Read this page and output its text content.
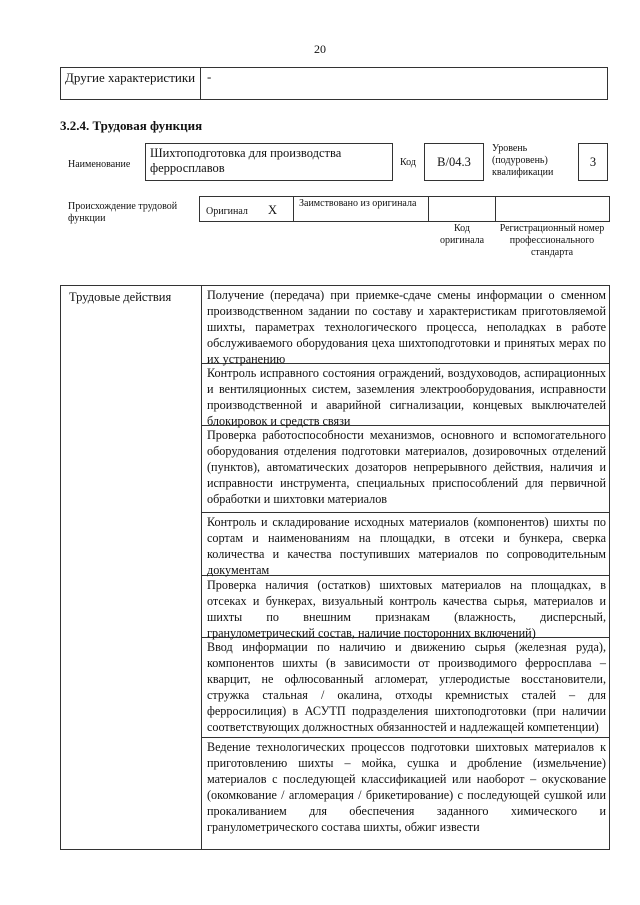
20
Другие характеристики -
3.2.4. Трудовая функция
Наименование
Шихтоподготовка для производства ферросплавов	Код	B/04.3
Уровень (подуровень) квалификации
3
Происхождение трудовой функции
Оригинал X Заимствовано из оригинала
Код оригинала
Регистрационный номер профессионального стандарта
Трудовые действия	Получение (передача) при приемке-сдаче смены информации о сменном производственном задании по составу и характеристикам приготовляемой шихты, параметрах технологического процесса, неполадках в работе обслуживаемого оборудования цеха шихтоподготовки и принятых мерах по их устранению
Контроль исправного состояния ограждений, воздуховодов, аспирационных и вентиляционных систем, заземления электрооборудования, исправности производственной и аварийной сигнализации, концевых выключателей блокировок и средств связи
Проверка работоспособности механизмов, основного и вспомогательного оборудования отделения подготовки материалов, дозировочных отделений (пунктов), автоматических дозаторов непрерывного действия, наличия и исправности инструмента, специальных приспособлений для первичной обработки и шихтовки материалов
Контроль и складирование исходных материалов (компонентов) шихты по сортам и наименованиям на площадки, в отсеки и бункера, сверка количества и качества поступивших материалов по сопроводительным документам
Проверка наличия (остатков) шихтовых материалов на площадках, в отсеках и бункерах, визуальный контроль качества сырья, материалов и шихты по внешним признакам (влажность, дисперсный, гранулометрический состав, наличие посторонних включений)
Ввод информации по наличию и движению сырья (железная руда), компонентов шихты (в зависимости от производимого ферросплава – кварцит, не офлюсованный агломерат, углеродистые восстановители, стружка стальная / окалина, отходы кремнистых сталей – для ферросилиция) в АСУТП подразделения шихтоподготовки (при наличии соответствующих должностных обязанностей и надлежащей компетенции)
Ведение технологических процессов подготовки шихтовых материалов к приготовлению шихты – мойка, сушка и дробление (измельчение) материалов с последующей классификацией или наоборот – окускование (окомкование / агломерация / брикетирование) с последующей сушкой или прокаливанием для обеспечения заданного химического и гранулометрического состава шихты, обжиг извести
